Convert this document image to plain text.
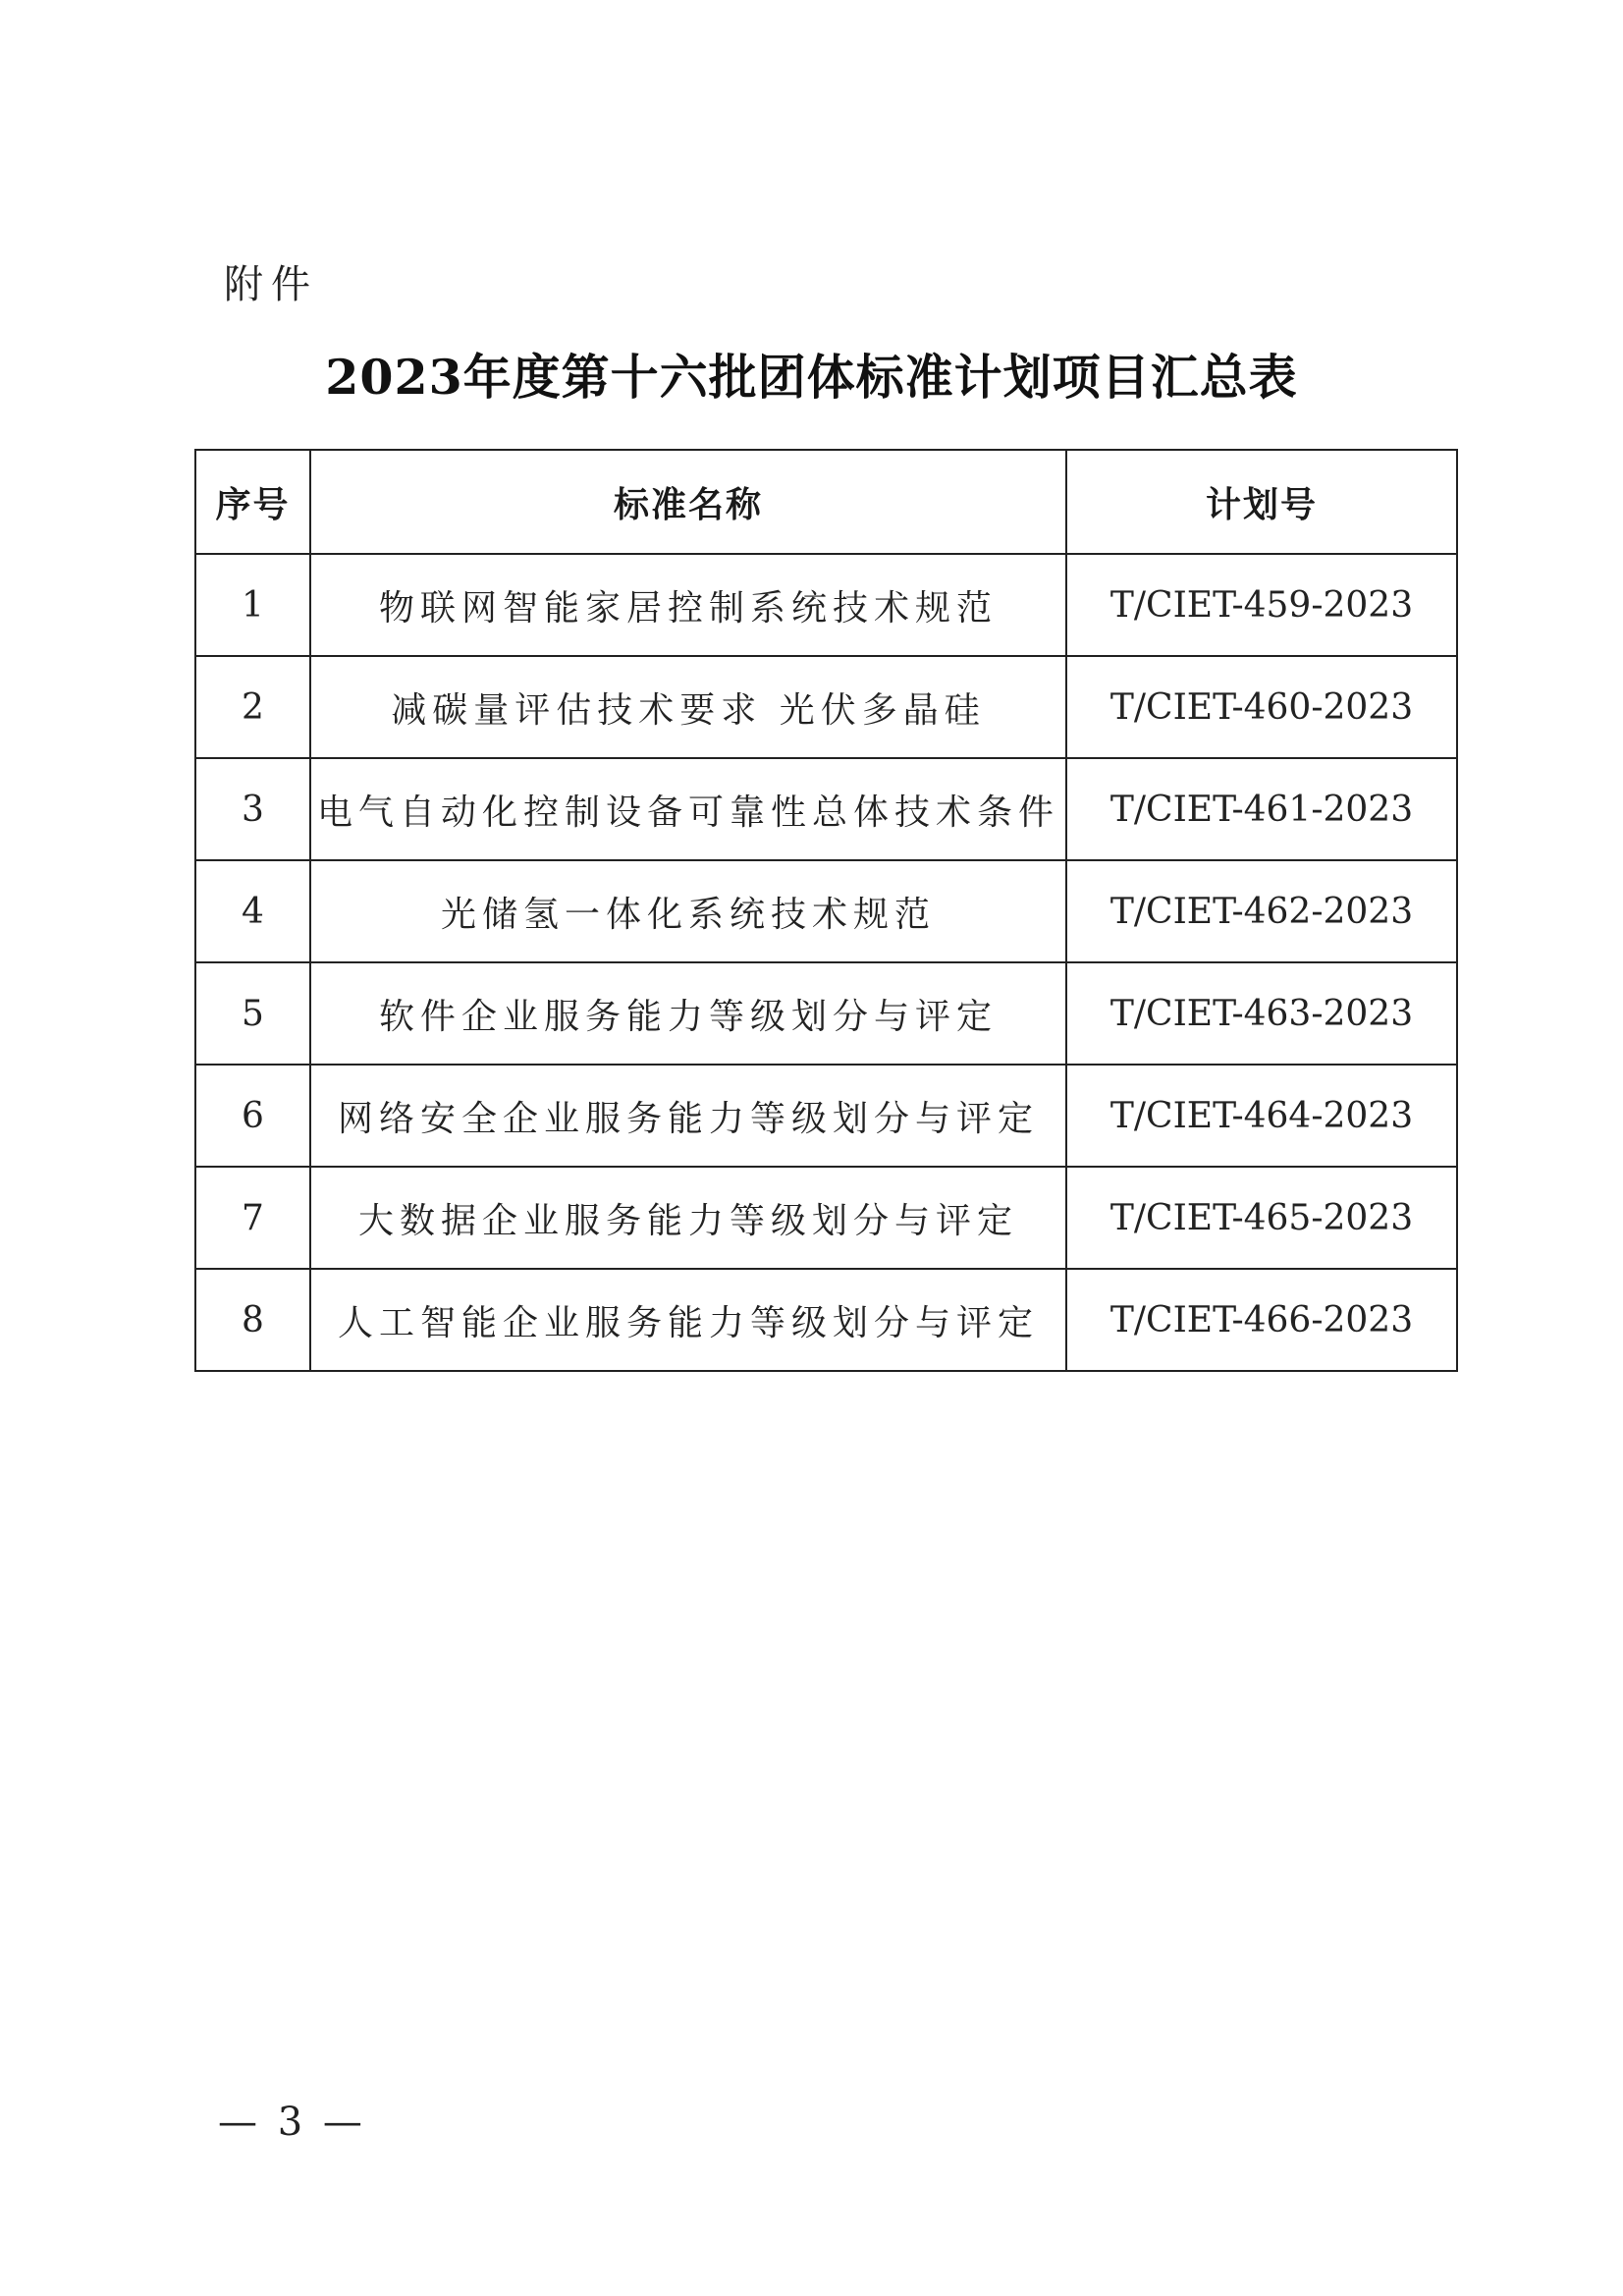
附件
2023年度第十六批团体标准计划项目汇总表
序号	标准名称	计划号
1	物联网智能家居控制系统技术规范	T/CIET-459-2023
2	减碳量评估技术要求 光伏多晶硅	T/CIET-460-2023
3	电气自动化控制设备可靠性总体技术条件	T/CIET-461-2023
4	光储氢一体化系统技术规范	T/CIET-462-2023
5	软件企业服务能力等级划分与评定	T/CIET-463-2023
6	网络安全企业服务能力等级划分与评定	T/CIET-464-2023
7	大数据企业服务能力等级划分与评定	T/CIET-465-2023
8	人工智能企业服务能力等级划分与评定	T/CIET-466-2023
— 3 —
